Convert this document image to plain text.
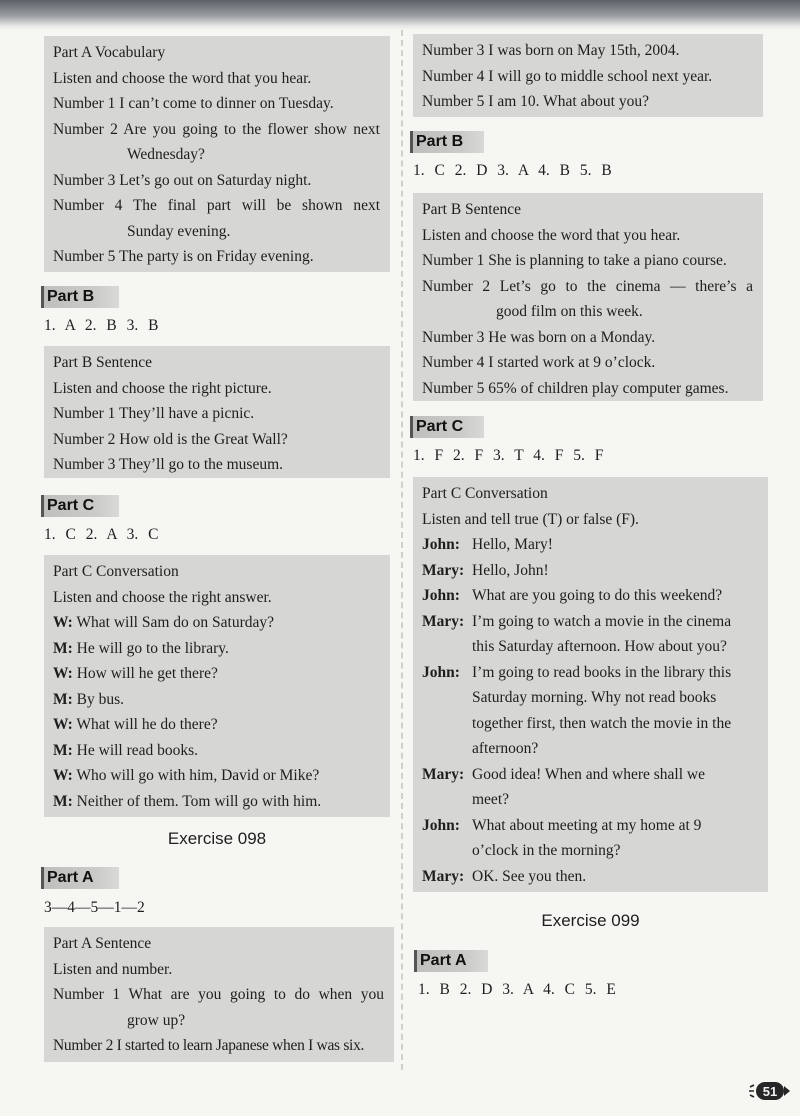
Part A Vocabulary
Listen and choose the word that you hear.
Number 1 I can’t come to dinner on Tuesday.
Number 2 Are you going to the flower show next
Wednesday?
Number 3 Let’s go out on Saturday night.
Number 4 The final part will be shown next
Sunday evening.
Number 5 The party is on Friday evening.
Part B
1. A 2. B 3. B
Part B Sentence
Listen and choose the right picture.
Number 1 They’ll have a picnic.
Number 2 How old is the Great Wall?
Number 3 They’ll go to the museum.
Part C
1. C 2. A 3. C
Part C Conversation
Listen and choose the right answer.
W: What will Sam do on Saturday?
M: He will go to the library.
W: How will he get there?
M: By bus.
W: What will he do there?
M: He will read books.
W: Who will go with him, David or Mike?
M: Neither of them. Tom will go with him.
Exercise 098
Part A
3—4—5—1—2
Part A Sentence
Listen and number.
Number 1 What are you going to do when you
grow up?
Number 2 I started to learn Japanese when I was six.
Number 3 I was born on May 15th, 2004.
Number 4 I will go to middle school next year.
Number 5 I am 10. What about you?
Part B
1. C 2. D 3. A 4. B 5. B
Part B Sentence
Listen and choose the word that you hear.
Number 1 She is planning to take a piano course.
Number 2 Let’s go to the cinema — there’s a
good film on this week.
Number 3 He was born on a Monday.
Number 4 I started work at 9 o’clock.
Number 5 65% of children play computer games.
Part C
1. F 2. F 3. T 4. F 5. F
Part C Conversation
Listen and tell true (T) or false (F).
John: Hello, Mary!
Mary: Hello, John!
John: What are you going to do this weekend?
Mary: I’m going to watch a movie in the cinema
this Saturday afternoon. How about you?
John: I’m going to read books in the library this
Saturday morning. Why not read books
together first, then watch the movie in the
afternoon?
Mary: Good idea! When and where shall we
meet?
John: What about meeting at my home at 9
o’clock in the morning?
Mary: OK. See you then.
Exercise 099
Part A
1. B 2. D 3. A 4. C 5. E
51
